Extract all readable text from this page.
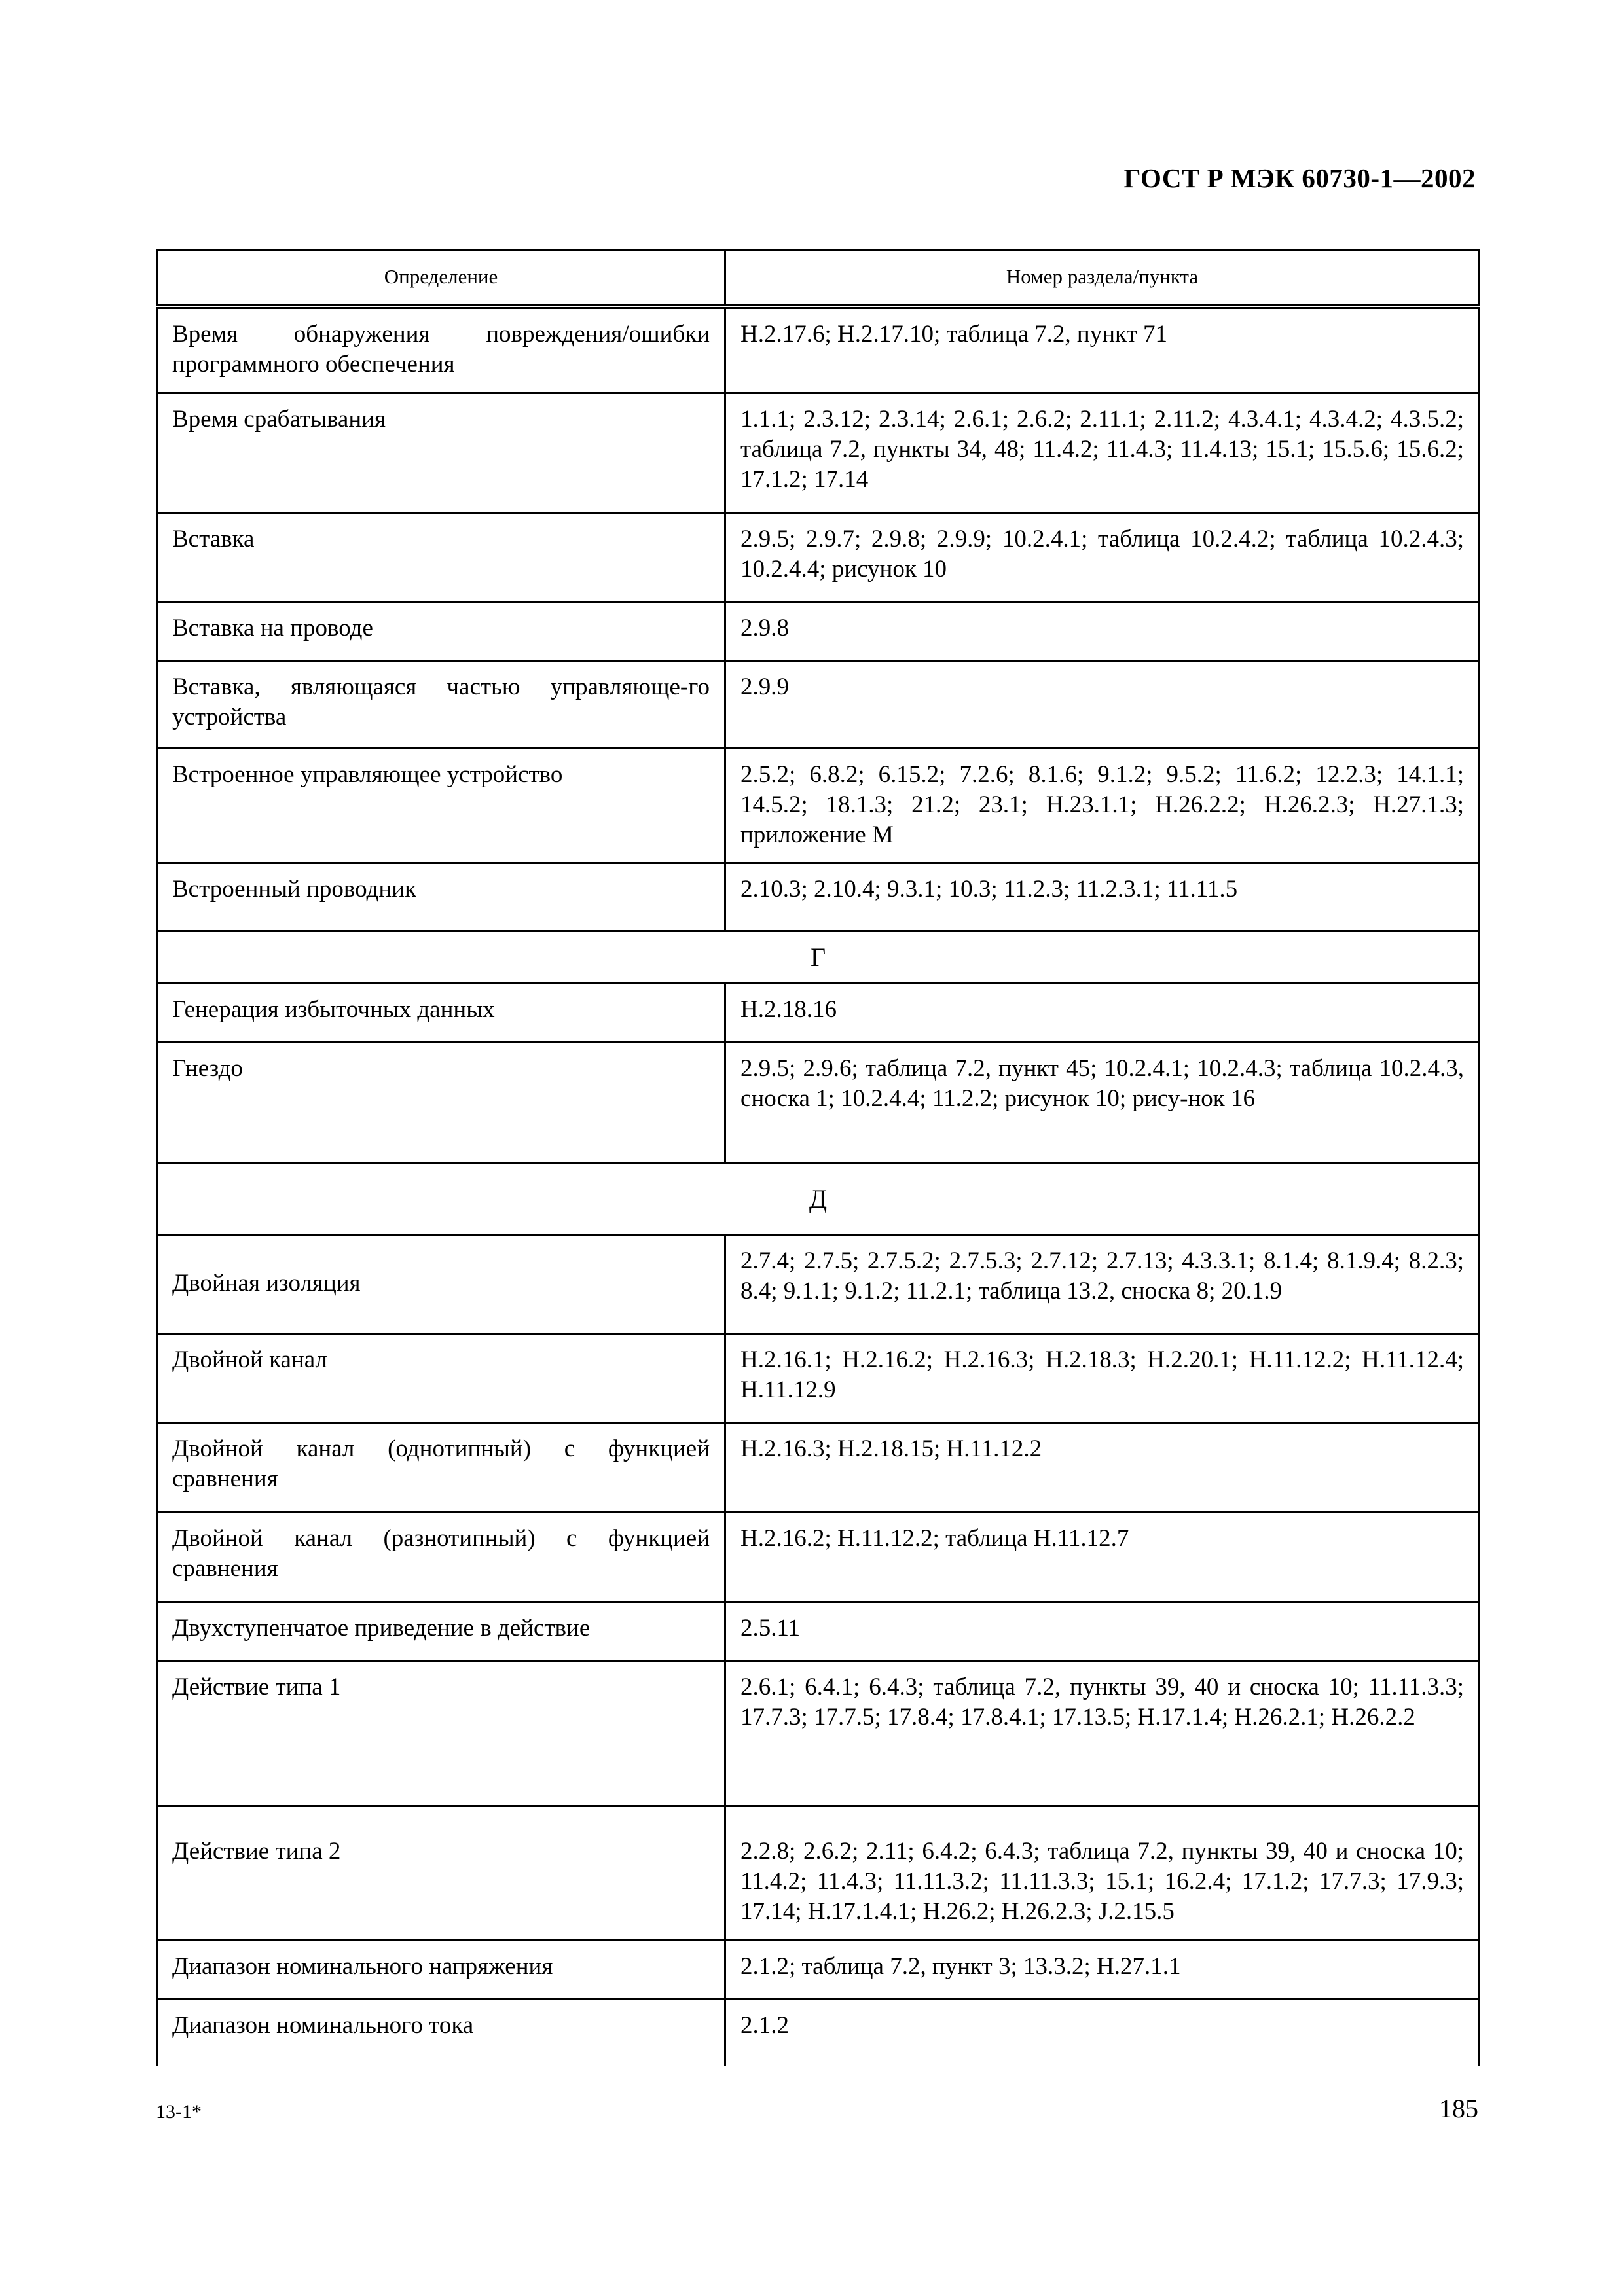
ГОСТ Р МЭК 60730-1—2002
Определение	Номер раздела/пункта
Время обнаружения повреждения/ошибки программного обеспечения	Н.2.17.6; Н.2.17.10; таблица 7.2, пункт 71
Время срабатывания	1.1.1; 2.3.12; 2.3.14; 2.6.1; 2.6.2; 2.11.1; 2.11.2; 4.3.4.1; 4.3.4.2; 4.3.5.2; таблица 7.2, пункты 34, 48; 11.4.2; 11.4.3; 11.4.13; 15.1; 15.5.6; 15.6.2; 17.1.2; 17.14
Вставка	2.9.5; 2.9.7; 2.9.8; 2.9.9; 10.2.4.1; таблица 10.2.4.2; таблица 10.2.4.3; 10.2.4.4; рисунок 10
Вставка на проводе	2.9.8
Вставка, являющаяся частью управляюще-го устройства	2.9.9
Встроенное управляющее устройство	2.5.2; 6.8.2; 6.15.2; 7.2.6; 8.1.6; 9.1.2; 9.5.2; 11.6.2; 12.2.3; 14.1.1; 14.5.2; 18.1.3; 21.2; 23.1; Н.23.1.1; Н.26.2.2; Н.26.2.3; Н.27.1.3; приложение М
Встроенный проводник	2.10.3; 2.10.4; 9.3.1; 10.3; 11.2.3; 11.2.3.1; 11.11.5
Г	
Генерация избыточных данных	Н.2.18.16
Гнездо	2.9.5; 2.9.6; таблица 7.2, пункт 45; 10.2.4.1; 10.2.4.3; таблица 10.2.4.3, сноска 1; 10.2.4.4; 11.2.2; рисунок 10; рису-нок 16
Д	
Двойная изоляция	2.7.4; 2.7.5; 2.7.5.2; 2.7.5.3; 2.7.12; 2.7.13; 4.3.3.1; 8.1.4; 8.1.9.4; 8.2.3; 8.4; 9.1.1; 9.1.2; 11.2.1; таблица 13.2, сноска 8; 20.1.9
Двойной канал	Н.2.16.1; Н.2.16.2; Н.2.16.3; Н.2.18.3; Н.2.20.1; Н.11.12.2; Н.11.12.4; Н.11.12.9
Двойной канал (однотипный) с функцией сравнения	Н.2.16.3; Н.2.18.15; Н.11.12.2
Двойной канал (разнотипный) с функцией сравнения	Н.2.16.2; Н.11.12.2; таблица Н.11.12.7
Двухступенчатое приведение в действие	2.5.11
Действие типа 1	2.6.1; 6.4.1; 6.4.3; таблица 7.2, пункты 39, 40 и сноска 10; 11.11.3.3; 17.7.3; 17.7.5; 17.8.4; 17.8.4.1; 17.13.5; Н.17.1.4; Н.26.2.1; Н.26.2.2
Действие типа 2	2.2.8; 2.6.2; 2.11; 6.4.2; 6.4.3; таблица 7.2, пункты 39, 40 и сноска 10; 11.4.2; 11.4.3; 11.11.3.2; 11.11.3.3; 15.1; 16.2.4; 17.1.2; 17.7.3; 17.9.3; 17.14; Н.17.1.4.1; Н.26.2; Н.26.2.3; J.2.15.5
Диапазон номинального напряжения	2.1.2; таблица 7.2, пункт 3; 13.3.2; Н.27.1.1
Диапазон номинального тока	2.1.2
13-1*	185
